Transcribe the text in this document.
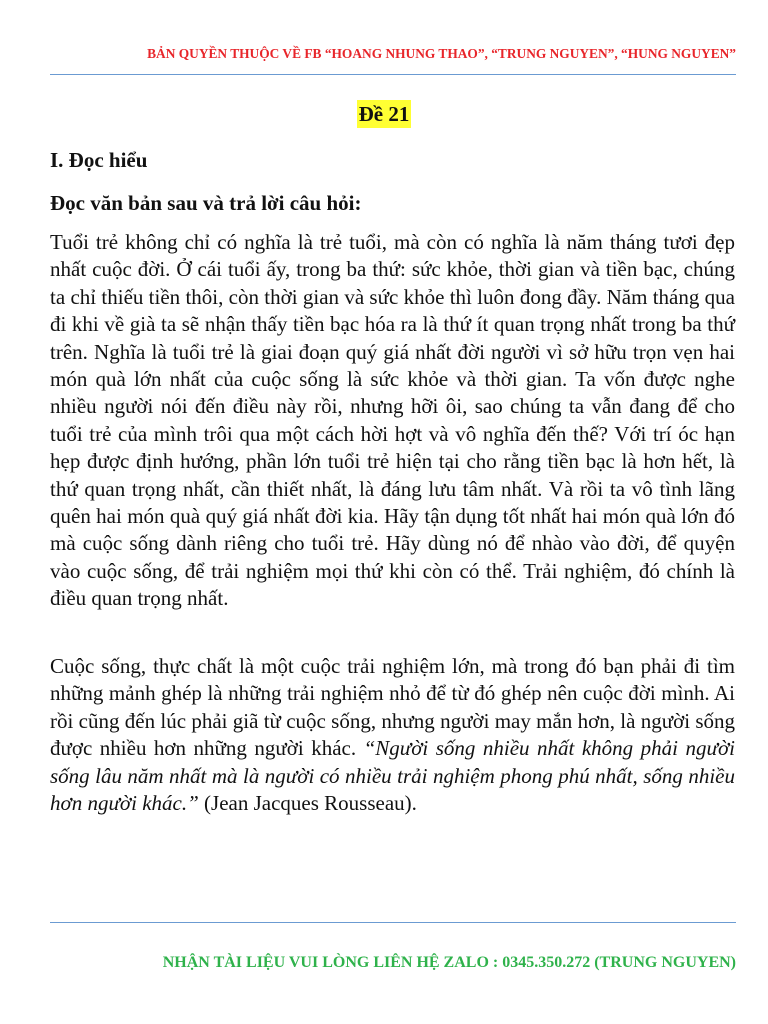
BẢN QUYỀN THUỘC VỀ FB “HOANG NHUNG THAO”, “TRUNG NGUYEN”, “HUNG NGUYEN”
Đề 21
I. Đọc hiểu
Đọc văn bản sau và trả lời câu hỏi:

Tuổi trẻ không chỉ có nghĩa là trẻ tuổi, mà còn có nghĩa là năm tháng tươi đẹp nhất cuộc đời. Ở cái tuổi ấy, trong ba thứ: sức khỏe, thời gian và tiền bạc, chúng ta chỉ thiếu tiền thôi, còn thời gian và sức khỏe thì luôn đong đầy. Năm tháng qua đi khi về già ta sẽ nhận thấy tiền bạc hóa ra là thứ ít quan trọng nhất trong ba thứ trên. Nghĩa là tuổi trẻ là giai đoạn quý giá nhất đời người vì sở hữu trọn vẹn hai món quà lớn nhất của cuộc sống là sức khỏe và thời gian. Ta vốn được nghe nhiều người nói đến điều này rồi, nhưng hỡi ôi, sao chúng ta vẫn đang để cho tuổi trẻ của mình trôi qua một cách hời hợt và vô nghĩa đến thế? Với trí óc hạn hẹp được định hướng, phần lớn tuổi trẻ hiện tại cho rằng tiền bạc là hơn hết, là thứ quan trọng nhất, cần thiết nhất, là đáng lưu tâm nhất. Và rồi ta vô tình lãng quên hai món quà quý giá nhất đời kia. Hãy tận dụng tốt nhất hai món quà lớn đó mà cuộc sống dành riêng cho tuổi trẻ. Hãy dùng nó để nhào vào đời, để quyện vào cuộc sống, để trải nghiệm mọi thứ khi còn có thể. Trải nghiệm, đó chính là điều quan trọng nhất.

Cuộc sống, thực chất là một cuộc trải nghiệm lớn, mà trong đó bạn phải đi tìm những mảnh ghép là những trải nghiệm nhỏ để từ đó ghép nên cuộc đời mình. Ai rồi cũng đến lúc phải giã từ cuộc sống, nhưng người may mắn hơn, là người sống được nhiều hơn những người khác. “Người sống nhiều nhất không phải người sống lâu năm nhất mà là người có nhiều trải nghiệm phong phú nhất, sống nhiều hơn người khác.” (Jean Jacques Rousseau).

NHẬN TÀI LIỆU VUI LÒNG LIÊN HỆ ZALO : 0345.350.272 (TRUNG NGUYEN)
